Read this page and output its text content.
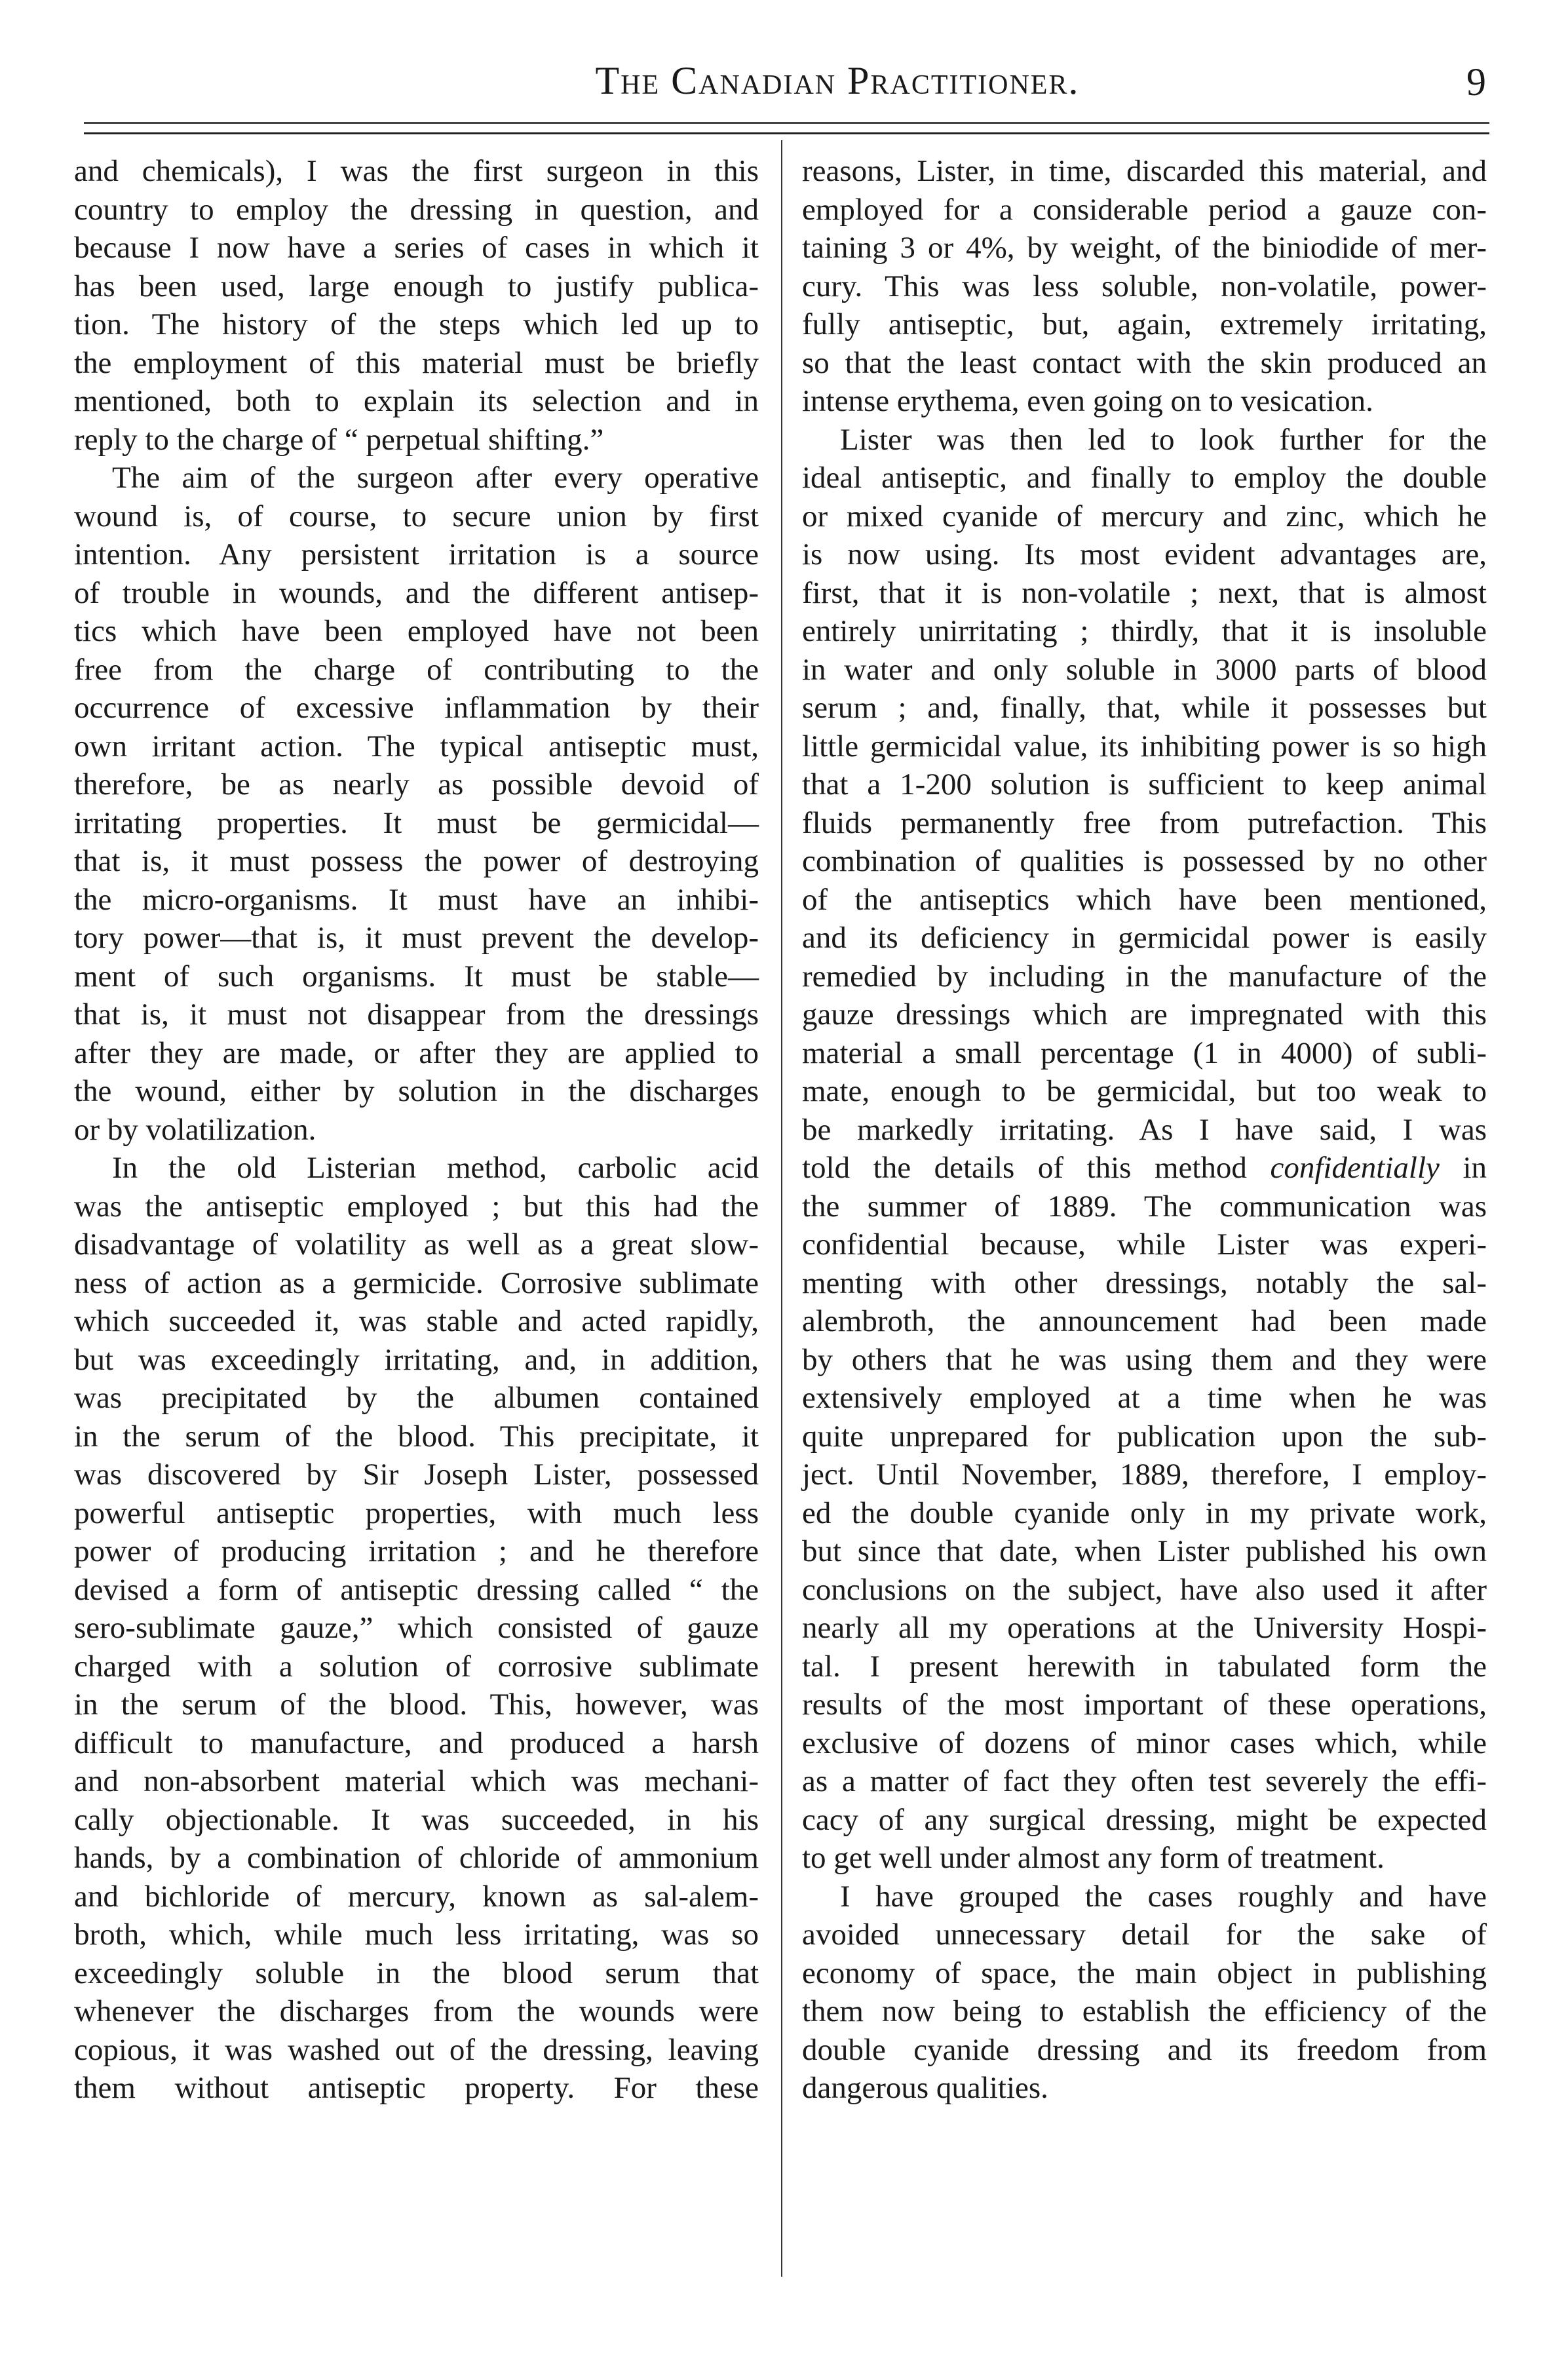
The Canadian Practitioner.	9
and chemicals), I was the first surgeon in this
country to employ the dressing in question, and
because I now have a series of cases in which it
has been used, large enough to justify publica-
tion. The history of the steps which led up to
the employment of this material must be briefly
mentioned, both to explain its selection and in
reply to the charge of “ perpetual shifting.”
The aim of the surgeon after every operative
wound is, of course, to secure union by first
intention. Any persistent irritation is a source
of trouble in wounds, and the different antisep-
tics which have been employed have not been
free from the charge of contributing to the
occurrence of excessive inflammation by their
own irritant action. The typical antiseptic must,
therefore, be as nearly as possible devoid of
irritating properties. It must be germicidal—
that is, it must possess the power of destroying
the micro-organisms. It must have an inhibi-
tory power—that is, it must prevent the develop-
ment of such organisms. It must be stable—
that is, it must not disappear from the dressings
after they are made, or after they are applied to
the wound, either by solution in the discharges
or by volatilization.
In the old Listerian method, carbolic acid
was the antiseptic employed ; but this had the
disadvantage of volatility as well as a great slow-
ness of action as a germicide. Corrosive sublimate
which succeeded it, was stable and acted rapidly,
but was exceedingly irritating, and, in addition,
was precipitated by the albumen contained
in the serum of the blood. This precipitate, it
was discovered by Sir Joseph Lister, possessed
powerful antiseptic properties, with much less
power of producing irritation ; and he therefore
devised a form of antiseptic dressing called “ the
sero-sublimate gauze,” which consisted of gauze
charged with a solution of corrosive sublimate
in the serum of the blood. This, however, was
difficult to manufacture, and produced a harsh
and non-absorbent material which was mechani-
cally objectionable. It was succeeded, in his
hands, by a combination of chloride of ammonium
and bichloride of mercury, known as sal-alem-
broth, which, while much less irritating, was so
exceedingly soluble in the blood serum that
whenever the discharges from the wounds were
copious, it was washed out of the dressing, leaving
them without antiseptic property. For these
reasons, Lister, in time, discarded this material, and
employed for a considerable period a gauze con-
taining 3 or 4%, by weight, of the biniodide of mer-
cury. This was less soluble, non-volatile, power-
fully antiseptic, but, again, extremely irritating,
so that the least contact with the skin produced an
intense erythema, even going on to vesication.
Lister was then led to look further for the
ideal antiseptic, and finally to employ the double
or mixed cyanide of mercury and zinc, which he
is now using. Its most evident advantages are,
first, that it is non-volatile ; next, that is almost
entirely unirritating ; thirdly, that it is insoluble
in water and only soluble in 3000 parts of blood
serum ; and, finally, that, while it possesses but
little germicidal value, its inhibiting power is so high
that a 1-200 solution is sufficient to keep animal
fluids permanently free from putrefaction. This
combination of qualities is possessed by no other
of the antiseptics which have been mentioned,
and its deficiency in germicidal power is easily
remedied by including in the manufacture of the
gauze dressings which are impregnated with this
material a small percentage (1 in 4000) of subli-
mate, enough to be germicidal, but too weak to
be markedly irritating. As I have said, I was
told the details of this method confidentially in
the summer of 1889. The communication was
confidential because, while Lister was experi-
menting with other dressings, notably the sal-
alembroth, the announcement had been made
by others that he was using them and they were
extensively employed at a time when he was
quite unprepared for publication upon the sub-
ject. Until November, 1889, therefore, I employ-
ed the double cyanide only in my private work,
but since that date, when Lister published his own
conclusions on the subject, have also used it after
nearly all my operations at the University Hospi-
tal. I present herewith in tabulated form the
results of the most important of these operations,
exclusive of dozens of minor cases which, while
as a matter of fact they often test severely the effi-
cacy of any surgical dressing, might be expected
to get well under almost any form of treatment.
I have grouped the cases roughly and have
avoided unnecessary detail for the sake of
economy of space, the main object in publishing
them now being to establish the efficiency of the
double cyanide dressing and its freedom from
dangerous qualities.
